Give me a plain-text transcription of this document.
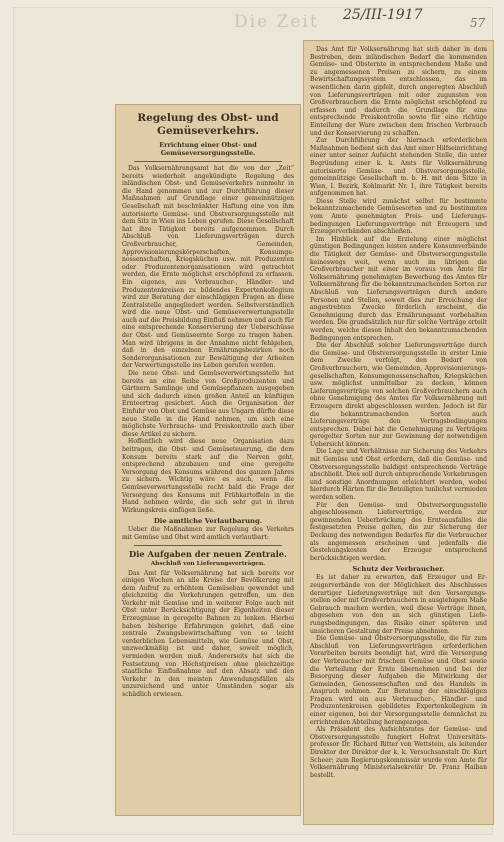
Die Zeit 25/III-1917	57
Regelung des Obst- und Gemüseverkehrs.
Errichtung einer Obst- und Gemüseversorgungsstelle.

Das Volksernährungsamt hat die von der „Zeit“ bereits wiederholt angekündigte Regelung des inländischen Obst- und Gemüseverkehrs nunmehr in die Hand genommen und zur Durchführung dieser Maßnahmen auf Grundlage einer gemeinnützigen Gesellschaft mit beschränkter Haftung eine von ihm autorisierte Gemüse- und Obstversorgungsstelle mit dem Sitz in Wien ins Leben gerufen. Diese Gesellschaft hat ihre Tätigkeit bereits aufgenommen. Durch Abschluß von Lieferungsverträgen durch Großverbraucher, Gemeinden, Approvisionierungskörperschaften, Konsumgenossenschaften, Kriegsküchen usw. mit Produzenten oder Produzentenorganisationen wird getrachtet werden, die Ernte möglichst erschöpfend zu erfassen. Ein eigenes, aus Verbraucher-, Händler- und Produzentenkreisen zu bildendes Expertenkollegium wird zur Beratung der einschlägigen Fragen an diese Zentralstelle angegliedert werden. Selbstverständlich wird die neue Obst- und Gemüseverwertungsstelle auch auf die Preisbildung Einfluß nehmen und auch für eine entsprechende Konservierung der Ueberschüsse der Obst- und Gemüseernte Sorge zu tragen haben. Man wird übrigens in der Annahme nicht fehlgehen, daß in den einzelnen Ernährungsbezirken noch Sonderorganisationen zur Bewältigung der Arbeiten der Verwertungsstelle ins Leben gerufen werden.

Die neue Obst- und Gemüseverwertungsstelle hat bereits an eine Reihe von Großproduzenten und Gärtnern Samlinge und Gemüsepflanzen ausgegeben und sich dadurch einen großen Anteil an künftigen Ernteertrag gesichert. Auch die Organisation der Einfuhr von Obst und Gemüse aus Ungarn dürfte diese neue Stelle in die Hand nehmen, um sich eine möglichste Verbrauchs- und Preiskontrolle auch über diese Artikel zu sichern.

Hoffentlich wird diese neue Organisation dazu beitragen, die Obst- und Gemüseteuerung, die dem Konsum bereits stark auf die Nerven geht, entsprechend abzubauen und eine geregelte Versorgung des Konsums während des ganzen Jahres zu sichern. Wichtig wäre es auch, wenn die Gemüseverwertungsstelle recht bald die Frage der Versorgung des Konsums mit Frühkartoffeln in die Hand nehmen würde, die sich sehr gut in ihren Wirkungskreis einfügen ließe.

Die amtliche Verlautbarung.

Ueber die Maßnahmen zur Regelung des Verkehrs mit Gemüse und Obst wird amtlich verlautbart:

Die Aufgaben der neuen Zentrale.
Abschluß von Lieferungsverträgen.

Das Amt für Volksernährung hat sich bereits vor einigen Wochen an alle Kreise der Bevölkerung mit dem Aufruf zu erhöhtem Gemüsebau gewendet und gleichzeitig die Vorkehrungen getroffen, um den Verkehr mit Gemüse und in weiterer Folge auch mit Obst unter Berücksichtigung der Eigenheiten dieser Erzeugnisse in geregelte Bahnen zu lenken. Hierbei haben bisherige Erfahrungen gelehrt, daß eine zentrale Zwangsbewirtschaftung von so leicht verderblichen Lebensmitteln, wie Gemüse und Obst, unzweckmäßig ist und daher, soweit möglich, vermieden werden muß. Andererseits hat sich die Festsetzung von Höchstpreisen ohne gleichzeitige staatliche Einflußnahme auf den Absatz und den Verkehr in den meisten Anwendungsfällen als unzureichend und unter Umständen sogar als schädlich erwiesen.

Das Amt für Volksernährung hat sich daher in dem Bestreben, dem inländischen Bedarf die kommenden Gemüse- und Obsternte in entsprechendem Maße und zu angemessenen Preisen zu sichern, zu einem Bewirtschaftungssystem entschlossen, das im wesentlichen darin gipfelt, durch angeregten Abschluß von Lieferungsverträgen mit oder zugunsten von Großverbrauchern die Ernte möglichst erschöpfend zu erfassen und dadurch die Grundlage für eine entsprechende Preiskontrolle sowie für eine richtige Einteilung der Ware zwischen dem frischen Verbrauch und der Konservierung zu schaffen.

Zur Durchführung der hiernach erforderlichen Maßnahmen bedient sich das Amt einer Hilfseinrichtung einer unter seiner Aufsicht stehenden Stelle, die unter Begründung einer k. k. Amts für Volksernährung autorisierte Gemüse- und Obstversorgungsstelle, gemeinnützige Gesellschaft m. b. H. mit dem Sitze in Wien, I. Bezirk, Kohlmarkt Nr. 1, ihre Tätigkeit bereits aufgenommen hat.

Diese Stelle wird zunächst selbst für bestimmte bekanntzumachende Gemüsesorten und zu bestimmten vom Amte genehmigten Preis- und Lieferungsbedingungen Lieferungsverträge mit Erzeugern und Erzeugerverbänden abschließen.

Im Hinblick auf die Erzielung einer möglichst günstigen Bedingungen leisten andere Konsumverbände die Tätigkeit der Gemüse- und Obstversorgungsstelle keineswegs weit, wenn auch im übrigen die Großverbraucher mit einer im voraus vom Amte für Volksernährung genehmigten Bewerbung des Amtes für Volksernährung für die bekanntzumachenden Sorten zur Abschluß von Lieferungsverträgen durch andere Personen und Stellen, soweit dies zur Erreichung der angestrebten Zwecke förderlich erscheint, die Genehmigung durch das Ernährungsamt vorbehalten werden. Die grundsätzlich nur für solche Verträge erteilt werden, welche diesen Inhalt den bekanntzumachenden Bedingungen entsprechen.

Die der Abschluß solcher Lieferungsverträge durch die Gemüse- und Obstversorgungsstelle in erster Linie dem Zwecke verfolgt, den Bedarf von Großverbrauchern, wie Gemeinden, Approvisionierungsgesellschaften, Konsumgenossenschaften, Kriegsküchen usw. möglichst unmittelbar zu decken, können Lieferungsverträge von solchen Großverbrauchern auch ohne Genehmigung des Amtes für Volksernährung mit Erzeugern direkt abgeschlossen werden. Jedoch ist für die bekanntzumachenden Sorten auch Lieferungsverträge den Vertragsbedingungen entsprechen. Dabei hat die Genehmigung zu Verträgen geregelter Sorten nur zur Gewinnung der notwendigen Uebersicht können.

Die Lage und Verhältnisse zur Sicherung des Verkehrs mit Gemüse und Obst erfordern, daß die Gemüse- und Obstversorgungsstelle baldigst entsprechende Verträge abschließt. Dies soll durch entsprechende Vorkehrungen und sonstige Anordnungen erleichtert werden, wobei hierdurch Härten für die Beteiligten tunlichst vermieden werden sollen.

Für den Gemüse- und Obstversorgungsstelle abgeschlossenen Lieferverträge, werden zur gewinnenden Ueberbrückung des Ernteausfalles die festgesetzten Preise gelten, die zur Sicherung der Deckung des notwendigen Bedarfes für die Verbraucher als angemessen erscheinen und jedenfalls die Gestehungskosten der Erzeuger entsprechend berücksichtigen werden.

Schutz der Verbraucher.

Es ist daher zu erwarten, daß Erzeuger und Erzeugerverbände von der Möglichkeit des Abschlusses derartiger Lieferungsverträge mit den Versorgungsstellen oder mit Großverbrauchern in ausgiebigem Maße Gebrauch machen werden, weil diese Verträge ihnen, abgesehen von den an sich günstigen Lieferungsbedingungen, das Risiko einer späteren und unsicheren Gestaltung der Preise abnehmen.

Die Gemüse- und Obstversorgungsstelle, die für zum Abschluß von Lieferungsverträgen erforderlichen Vorarbeiten bereits beendigt hat, wird die Versorgung der Verbraucher mit frischem Gemüse und Obst sowie die Verteilung der Ernte übernehmen und bei der Besorgung dieser Aufgaben die Mitwirkung der Gemeinden, Genossenschaften und des Handels in Anspruch nehmen. Zur Beratung der einschlägigen Fragen wird ein aus Verbraucher-, Händler- und Produzentenkreisen gebildetes Expertenkollegium in einer eigenen, bei der Versorgungsstelle demnächst zu errichtenden Abteilung herangezogen.

Als Präsident des Aufsichtsrates der Gemüse- und Obstversorgungsstelle fungiert Hofrat Universitätsprofessor Dr. Richard Ritter von Wettstein, als leitender Direktor der Direktor der k. k. Versuchsanstalt Dr. Kurt Scheer; zum Regierungskommissär wurde vom Amte für Volksernährung Ministerialsekretär Dr. Franz Haiban bestellt.
